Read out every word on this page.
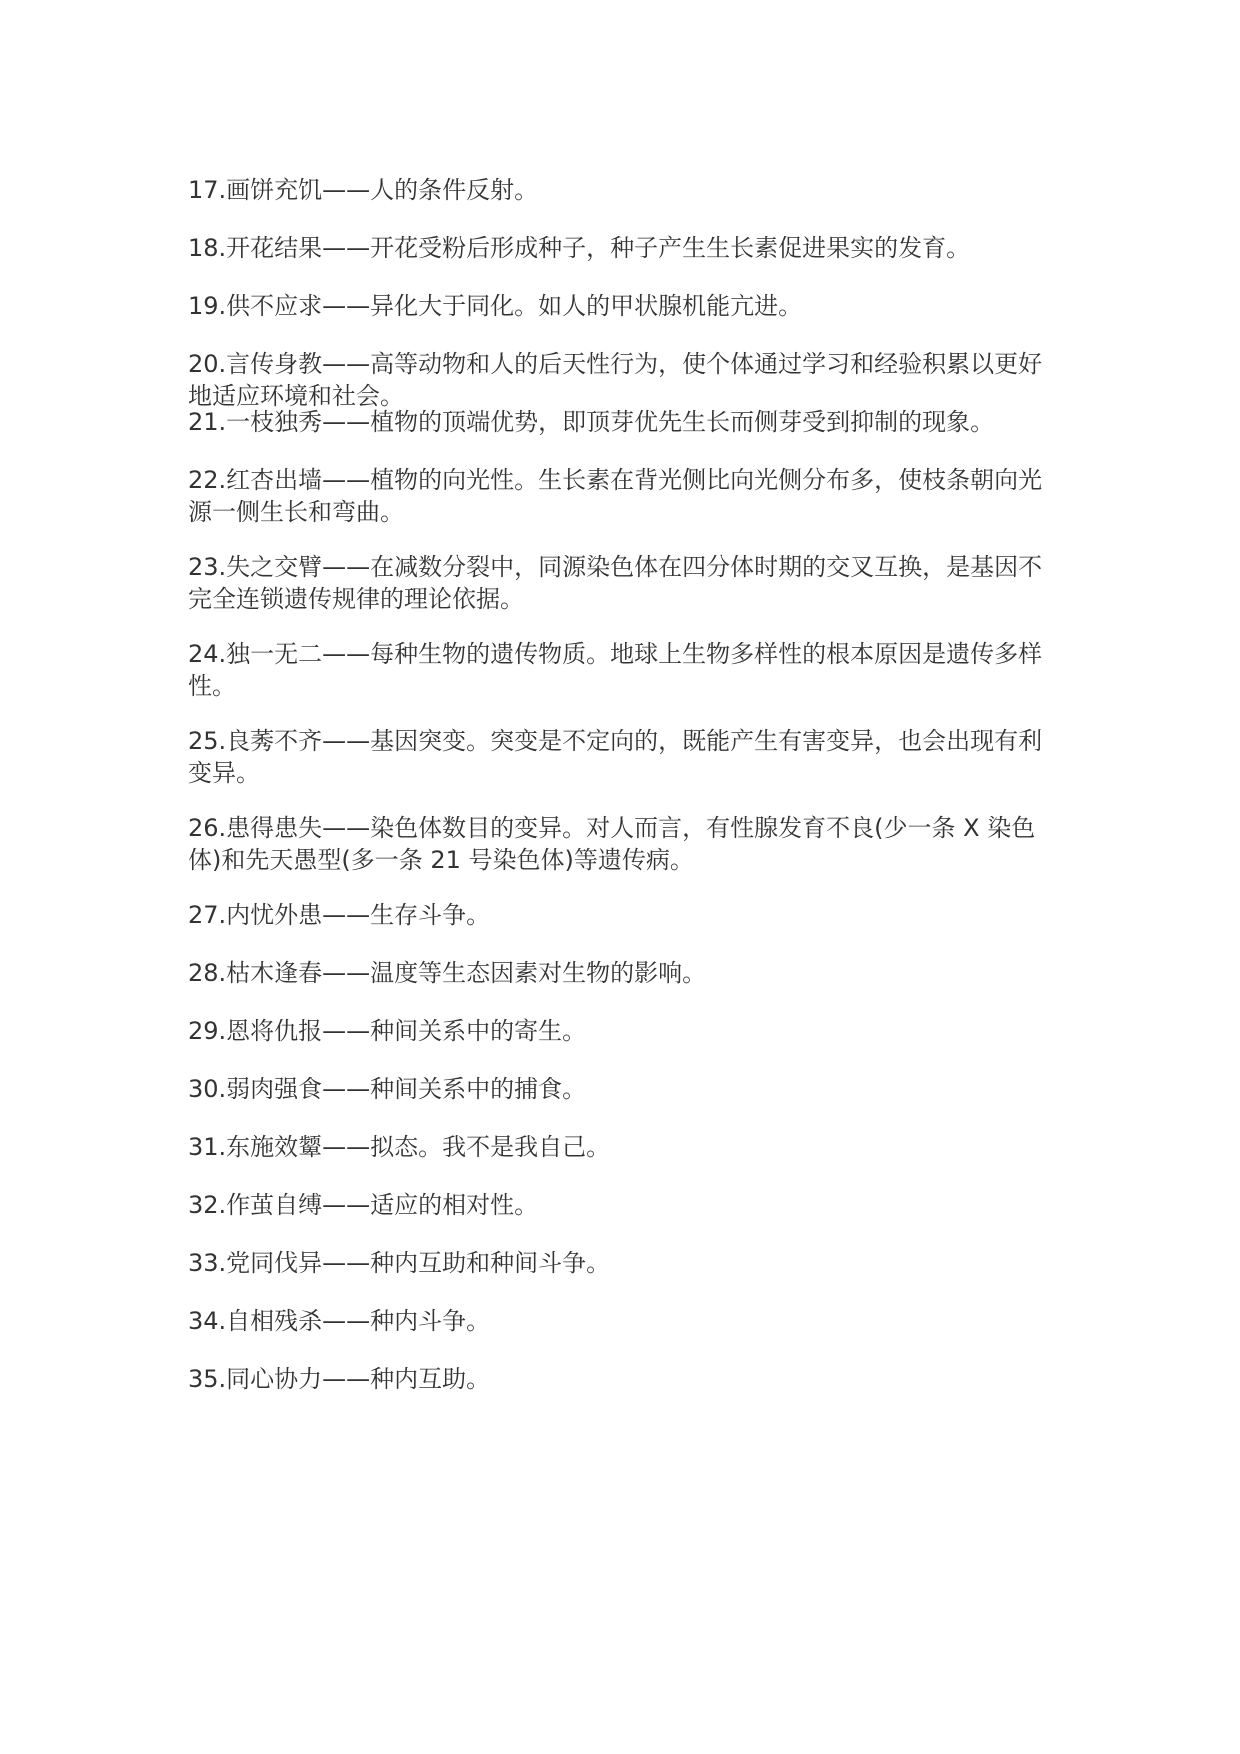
17.画饼充饥——人的条件反射。

18.开花结果——开花受粉后形成种子，种子产生生长素促进果实的发育。

19.供不应求——异化大于同化。如人的甲状腺机能亢进。

20.言传身教——高等动物和人的后天性行为，使个体通过学习和经验积累以更好地适应环境和社会。

21.一枝独秀——植物的顶端优势，即顶芽优先生长而侧芽受到抑制的现象。

22.红杏出墙——植物的向光性。生长素在背光侧比向光侧分布多，使枝条朝向光源一侧生长和弯曲。

23.失之交臂——在减数分裂中，同源染色体在四分体时期的交叉互换，是基因不完全连锁遗传规律的理论依据。

24.独一无二——每种生物的遗传物质。地球上生物多样性的根本原因是遗传多样性。

25.良莠不齐——基因突变。突变是不定向的，既能产生有害变异，也会出现有利变异。

26.患得患失——染色体数目的变异。对人而言，有性腺发育不良(少一条 X 染色体)和先天愚型(多一条 21 号染色体)等遗传病。

27.内忧外患——生存斗争。

28.枯木逢春——温度等生态因素对生物的影响。

29.恩将仇报——种间关系中的寄生。

30.弱肉强食——种间关系中的捕食。

31.东施效颦——拟态。我不是我自己。

32.作茧自缚——适应的相对性。

33.党同伐异——种内互助和种间斗争。

34.自相残杀——种内斗争。

35.同心协力——种内互助。
